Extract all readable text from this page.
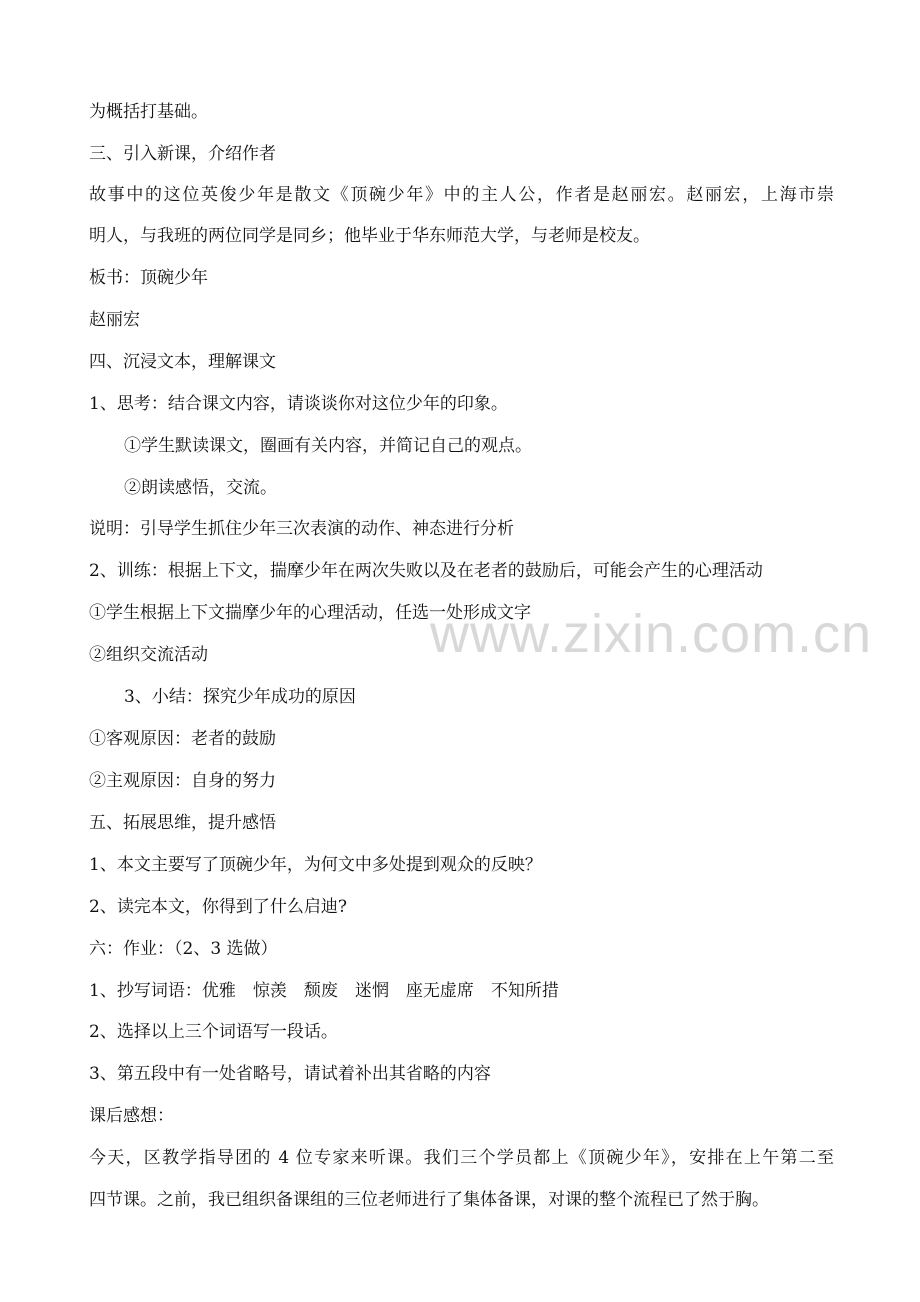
为概括打基础。
三、引入新课，介绍作者
故事中的这位英俊少年是散文《顶碗少年》中的主人公，作者是赵丽宏。赵丽宏，上海市崇
明人，与我班的两位同学是同乡；他毕业于华东师范大学，与老师是校友。
板书：顶碗少年
赵丽宏
四、沉浸文本，理解课文
1、思考：结合课文内容，请谈谈你对这位少年的印象。
①学生默读课文，圈画有关内容，并简记自己的观点。
②朗读感悟，交流。
说明：引导学生抓住少年三次表演的动作、神态进行分析
2、训练：根据上下文，揣摩少年在两次失败以及在老者的鼓励后，可能会产生的心理活动
①学生根据上下文揣摩少年的心理活动，任选一处形成文字
②组织交流活动
3、小结：探究少年成功的原因
①客观原因：老者的鼓励
②主观原因：自身的努力
五、拓展思维，提升感悟
1、本文主要写了顶碗少年，为何文中多处提到观众的反映？
2、读完本文，你得到了什么启迪?
六：作业：（2、3 选做）
1、抄写词语：优雅　惊羡　颓废　迷惘　座无虚席　不知所措
2、选择以上三个词语写一段话。
3、第五段中有一处省略号，请试着补出其省略的内容
课后感想：
今天，区教学指导团的 4 位专家来听课。我们三个学员都上《顶碗少年》，安排在上午第二至
四节课。之前，我已组织备课组的三位老师进行了集体备课，对课的整个流程已了然于胸。
www.zixin.com.cn
